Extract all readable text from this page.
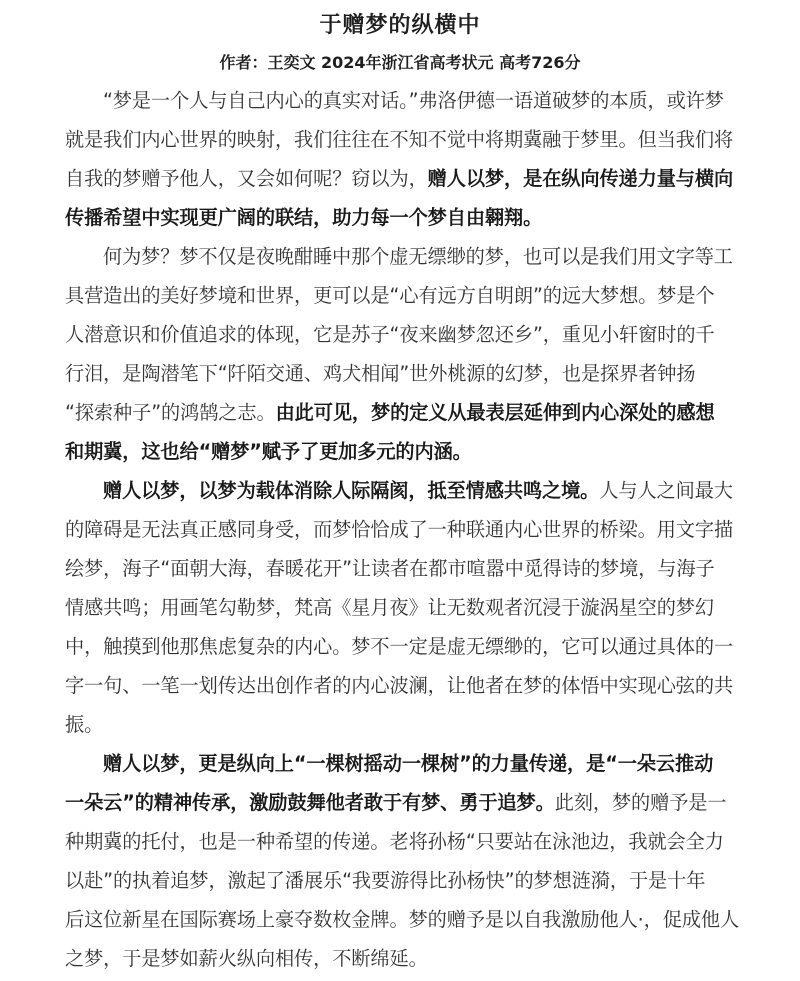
于赠梦的纵横中
作者：王奕文 2024年浙江省高考状元 高考726分
“梦是一个人与自己内心的真实对话。”弗洛伊德一语道破梦的本质，或许梦
就是我们内心世界的映射，我们往往在不知不觉中将期冀融于梦里。但当我们将
自我的梦赠予他人，又会如何呢？窃以为，赠人以梦，是在纵向传递力量与横向
传播希望中实现更广阔的联结，助力每一个梦自由翱翔。
何为梦？梦不仅是夜晚酣睡中那个虚无缥缈的梦，也可以是我们用文字等工
具营造出的美好梦境和世界，更可以是“心有远方自明朗”的远大梦想。梦是个
人潜意识和价值追求的体现，它是苏子“夜来幽梦忽还乡”，重见小轩窗时的千
行泪，是陶潜笔下“阡陌交通、鸡犬相闻”世外桃源的幻梦，也是探界者钟扬
“探索种子”的鸿鹄之志。由此可见，梦的定义从最表层延伸到内心深处的感想
和期冀，这也给“赠梦”赋予了更加多元的内涵。
赠人以梦，以梦为载体消除人际隔阂，抵至情感共鸣之境。人与人之间最大
的障碍是无法真正感同身受，而梦恰恰成了一种联通内心世界的桥梁。用文字描
绘梦，海子“面朝大海，春暖花开”让读者在都市喧嚣中觅得诗的梦境，与海子
情感共鸣；用画笔勾勒梦，梵高《星月夜》让无数观者沉浸于漩涡星空的梦幻
中，触摸到他那焦虑复杂的内心。梦不一定是虚无缥缈的，它可以通过具体的一
字一句、一笔一划传达出创作者的内心波澜，让他者在梦的体悟中实现心弦的共
振。
赠人以梦，更是纵向上“一棵树摇动一棵树”的力量传递，是“一朵云推动
一朵云”的精神传承，激励鼓舞他者敢于有梦、勇于追梦。此刻，梦的赠予是一
种期冀的托付，也是一种希望的传递。老将孙杨“只要站在泳池边，我就会全力
以赴”的执着追梦，激起了潘展乐“我要游得比孙杨快”的梦想涟漪，于是十年
后这位新星在国际赛场上豪夺数枚金牌。梦的赠予是以自我激励他人·，促成他人
之梦，于是梦如薪火纵向相传，不断绵延。
